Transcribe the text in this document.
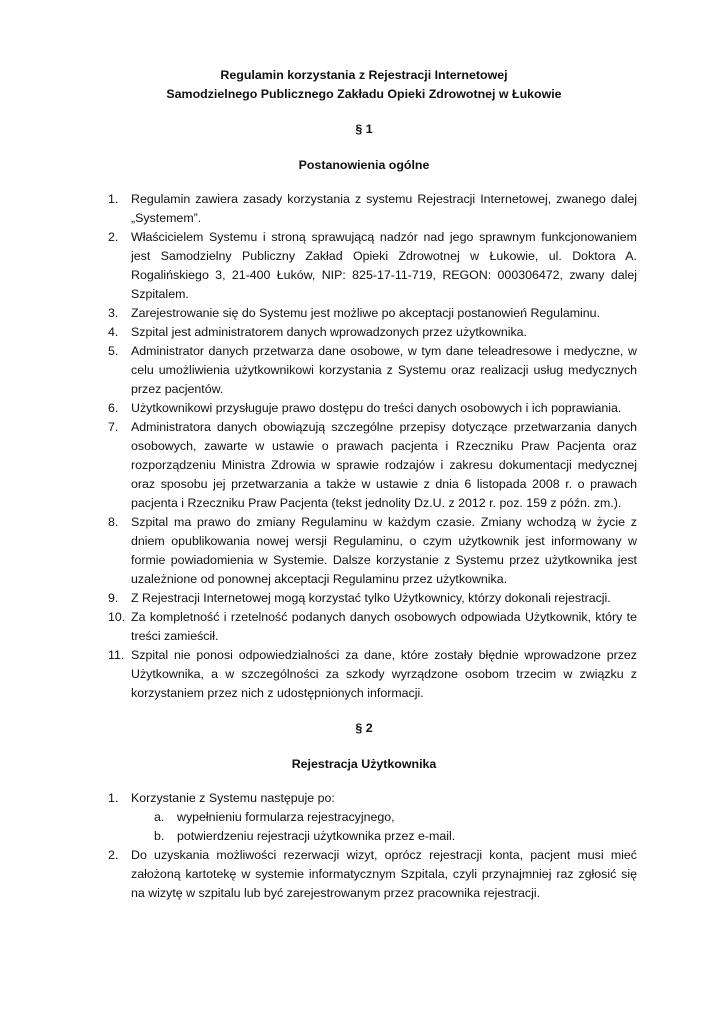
Regulamin korzystania z Rejestracji Internetowej
Samodzielnego Publicznego Zakładu Opieki Zdrowotnej w Łukowie
§ 1
Postanowienia ogólne
1. Regulamin zawiera zasady korzystania z systemu Rejestracji Internetowej, zwanego dalej „Systemem”.
2. Właścicielem Systemu i stroną sprawującą nadzór nad jego sprawnym funkcjonowaniem jest Samodzielny Publiczny Zakład Opieki Zdrowotnej w Łukowie, ul. Doktora A. Rogalińskiego 3, 21-400 Łuków, NIP: 825-17-11-719, REGON: 000306472, zwany dalej Szpitalem.
3. Zarejestrowanie się do Systemu jest możliwe po akceptacji postanowień Regulaminu.
4. Szpital jest administratorem danych wprowadzonych przez użytkownika.
5. Administrator danych przetwarza dane osobowe, w tym dane teleadresowe i medyczne, w celu umożliwienia użytkownikowi korzystania z Systemu oraz realizacji usług medycznych przez pacjentów.
6. Użytkownikowi przysługuje prawo dostępu do treści danych osobowych i ich poprawiania.
7. Administratora danych obowiązują szczególne przepisy dotyczące przetwarzania danych osobowych, zawarte w ustawie o prawach pacjenta i Rzeczniku Praw Pacjenta oraz rozporządzeniu Ministra Zdrowia w sprawie rodzajów i zakresu dokumentacji medycznej oraz sposobu jej przetwarzania a także w ustawie z dnia 6 listopada 2008 r. o prawach pacjenta i Rzeczniku Praw Pacjenta (tekst jednolity Dz.U. z 2012 r. poz. 159 z późn. zm.).
8. Szpital ma prawo do zmiany Regulaminu w każdym czasie. Zmiany wchodzą w życie z dniem opublikowania nowej wersji Regulaminu, o czym użytkownik jest informowany w formie powiadomienia w Systemie. Dalsze korzystanie z Systemu przez użytkownika jest uzależnione od ponownej akceptacji Regulaminu przez użytkownika.
9. Z Rejestracji Internetowej mogą korzystać tylko Użytkownicy, którzy dokonali rejestracji.
10. Za kompletność i rzetelność podanych danych osobowych odpowiada Użytkownik, który te treści zamieścił.
11. Szpital nie ponosi odpowiedzialności za dane, które zostały błędnie wprowadzone przez Użytkownika, a w szczególności za szkody wyrządzone osobom trzecim w związku z korzystaniem przez nich z udostępnionych informacji.
§ 2
Rejestracja Użytkownika
1. Korzystanie z Systemu następuje po:
a. wypełnieniu formularza rejestracyjnego,
b. potwierdzeniu rejestracji użytkownika przez e-mail.
2. Do uzyskania możliwości rezerwacji wizyt, oprócz rejestracji konta, pacjent musi mieć założoną kartotekę w systemie informatycznym Szpitala, czyli przynajmniej raz zgłosić się na wizytę w szpitalu lub być zarejestrowanym przez pracownika rejestracji.
